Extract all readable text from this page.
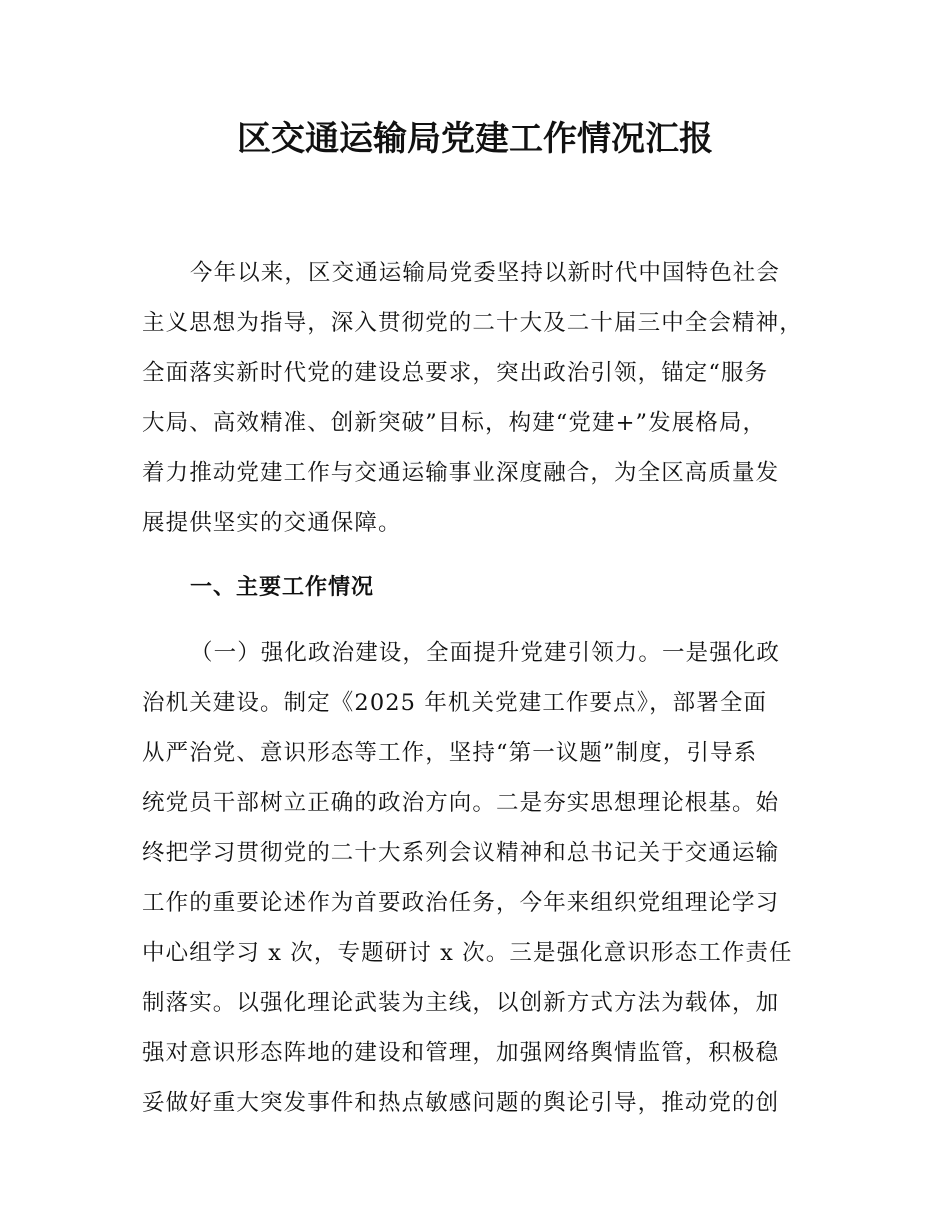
区交通运输局党建工作情况汇报
今年以来，区交通运输局党委坚持以新时代中国特色社会
主义思想为指导，深入贯彻党的二十大及二十届三中全会精神，
全面落实新时代党的建设总要求，突出政治引领，锚定“服务
大局、高效精准、创新突破”目标，构建“党建+”发展格局，
着力推动党建工作与交通运输事业深度融合，为全区高质量发
展提供坚实的交通保障。
一、主要工作情况
（一）强化政治建设，全面提升党建引领力。一是强化政
治机关建设。制定《2025 年机关党建工作要点》，部署全面
从严治党、意识形态等工作，坚持“第一议题”制度，引导系
统党员干部树立正确的政治方向。二是夯实思想理论根基。始
终把学习贯彻党的二十大系列会议精神和总书记关于交通运输
工作的重要论述作为首要政治任务，今年来组织党组理论学习
中心组学习 x 次，专题研讨 x 次。三是强化意识形态工作责任
制落实。以强化理论武装为主线，以创新方式方法为载体，加
强对意识形态阵地的建设和管理，加强网络舆情监管，积极稳
妥做好重大突发事件和热点敏感问题的舆论引导，推动党的创
